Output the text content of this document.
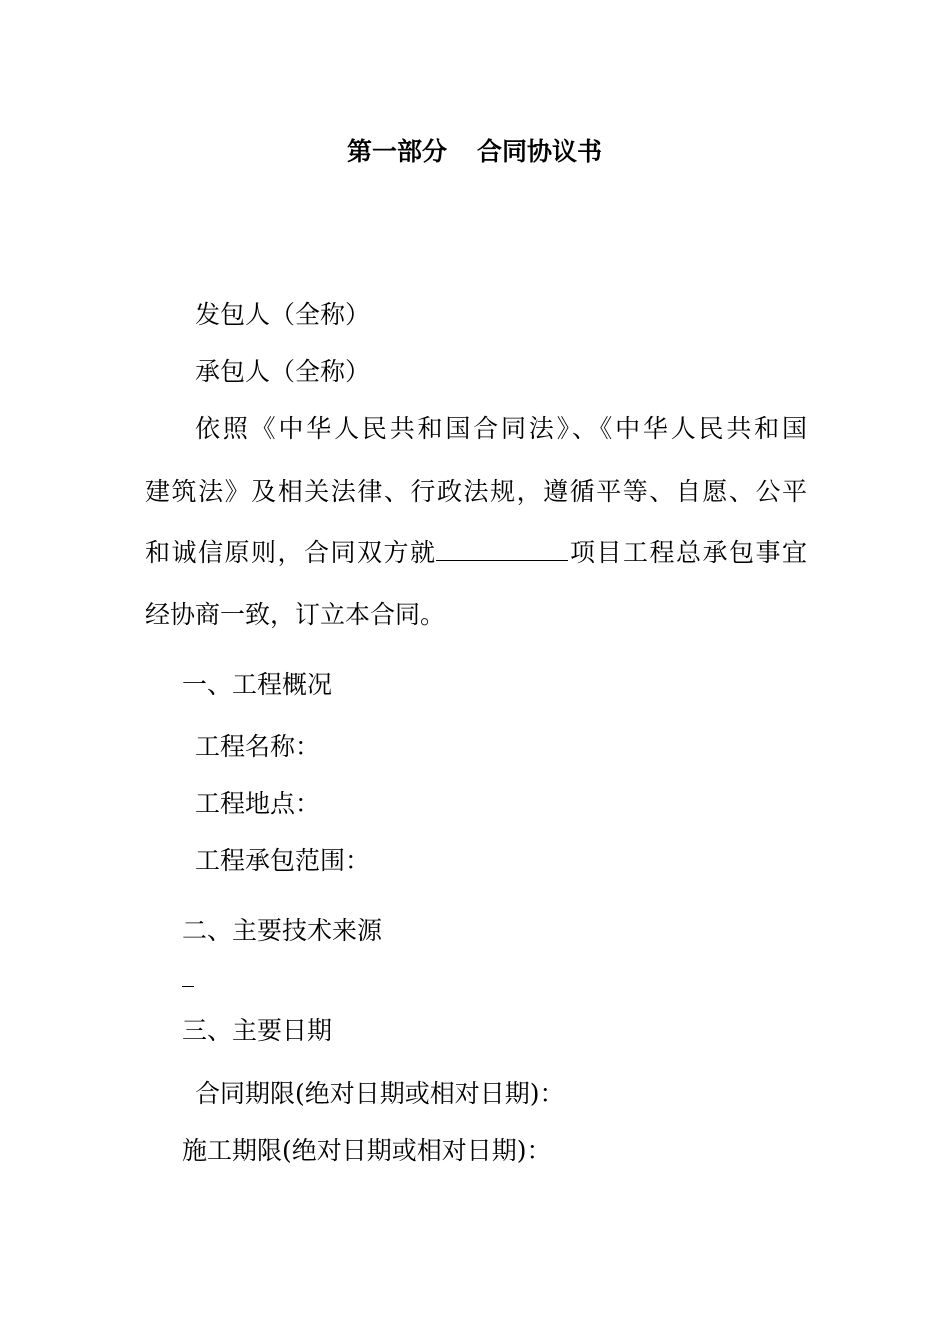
第一部分 合同协议书
发包人（全称）
承包人（全称）
依照《中华人民共和国合同法》、《中华人民共和国
建筑法》及相关法律、行政法规，遵循平等、自愿、公平
和诚信原则，合同双方就	项目工程总承包事宜
经协商一致，订立本合同。
一、工程概况
工程名称：
工程地点：
工程承包范围：
二、主要技术来源
三、主要日期
合同期限(绝对日期或相对日期)：
施工期限(绝对日期或相对日期)：
